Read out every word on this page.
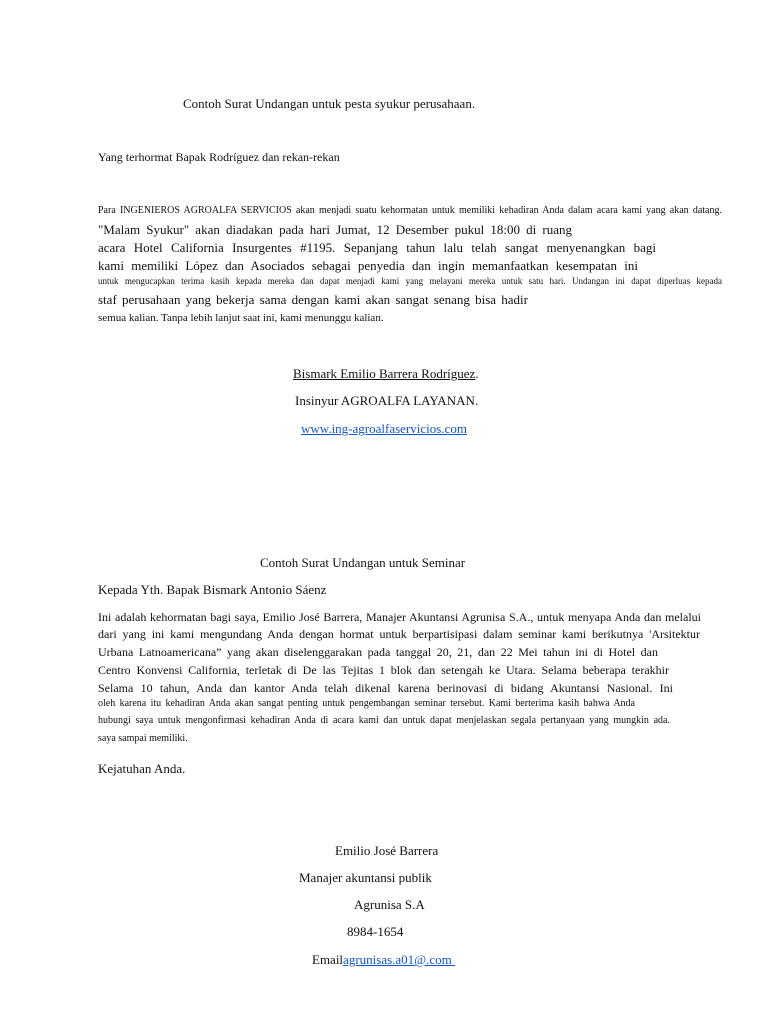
Contoh Surat Undangan untuk pesta syukur perusahaan.
Yang terhormat Bapak Rodríguez dan rekan-rekan
Para INGENIEROS AGROALFA SERVICIOS akan menjadi suatu kehormatan untuk memiliki kehadiran Anda dalam acara kami yang akan datang.
"Malam Syukur" akan diadakan pada hari Jumat, 12 Desember pukul 18:00 di ruang
acara Hotel California Insurgentes #1195. Sepanjang tahun lalu telah sangat menyenangkan bagi
kami memiliki López dan Asociados sebagai penyedia dan ingin memanfaatkan kesempatan ini
untuk mengucapkan terima kasih kepada mereka dan dapat menjadi kami yang melayani mereka untuk satu hari. Undangan ini dapat diperluas kepada
staf perusahaan yang bekerja sama dengan kami akan sangat senang bisa hadir
semua kalian. Tanpa lebih lanjut saat ini, kami menunggu kalian.
Bismark Emilio Barrera Rodríguez.
Insinyur AGROALFA LAYANAN.
www.ing-agroalfaservicios.com
Contoh Surat Undangan untuk Seminar
Kepada Yth. Bapak Bismark Antonio Sáenz
Ini adalah kehormatan bagi saya, Emilio José Barrera, Manajer Akuntansi Agrunisa S.A., untuk menyapa Anda dan melalui
dari yang ini kami mengundang Anda dengan hormat untuk berpartisipasi dalam seminar kami berikutnya 'Arsitektur
Urbana Latnoamericana” yang akan diselenggarakan pada tanggal 20, 21, dan 22 Mei tahun ini di Hotel dan
Centro Konvensi California, terletak di De las Tejitas 1 blok dan setengah ke Utara. Selama beberapa terakhir
Selama 10 tahun, Anda dan kantor Anda telah dikenal karena berinovasi di bidang Akuntansi Nasional. Ini
oleh karena itu kehadiran Anda akan sangat penting untuk pengembangan seminar tersebut. Kami berterima kasih bahwa Anda
hubungi saya untuk mengonfirmasi kehadiran Anda di acara kami dan untuk dapat menjelaskan segala pertanyaan yang mungkin ada.
saya sampai memiliki.
Kejatuhan Anda.
Emilio José Barrera
Manajer akuntansi publik
Agrunisa S.A
8984-1654
Emailagrunisas.a01@.com
